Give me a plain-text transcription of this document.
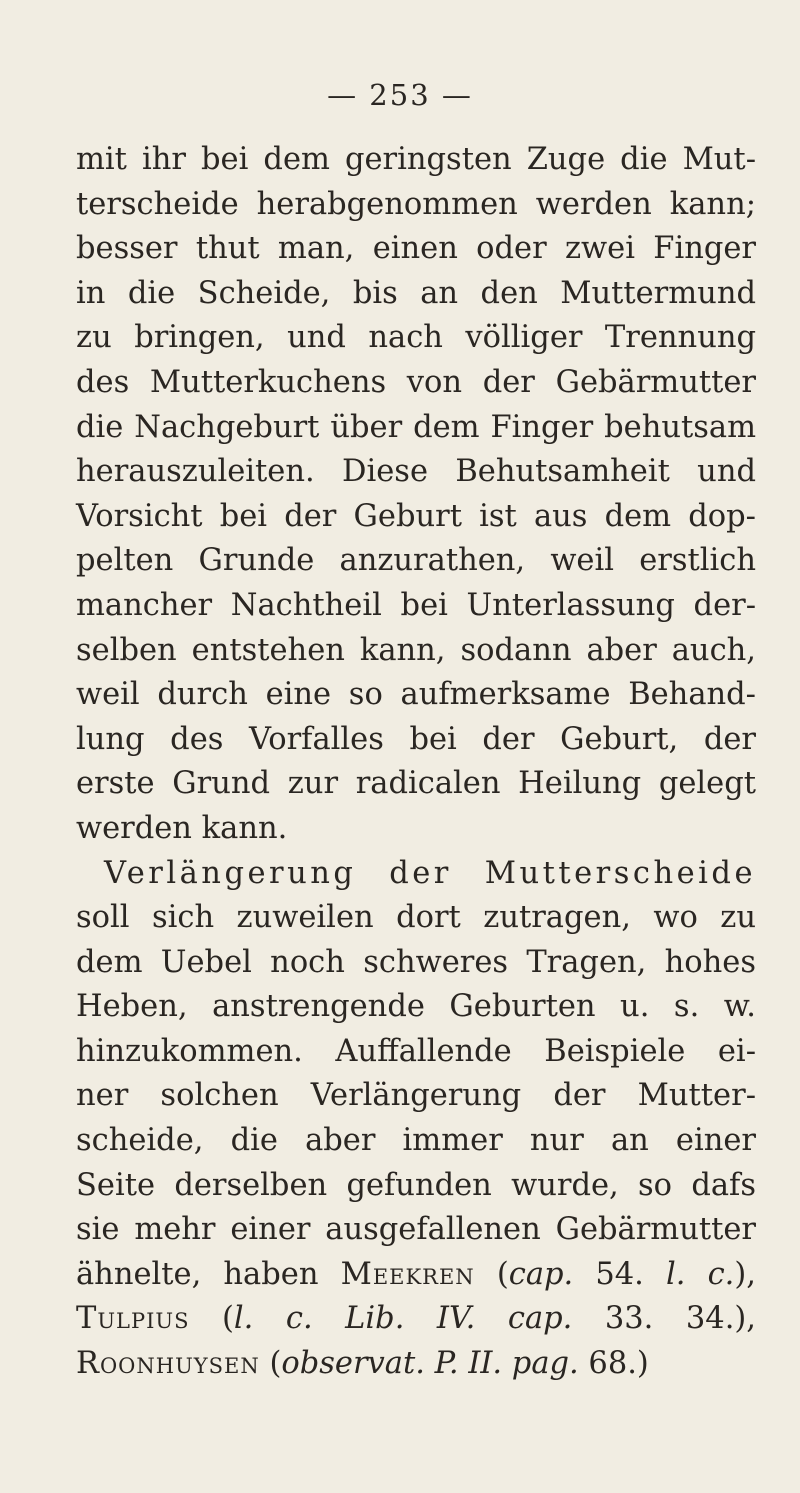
— 253 —
mit ihr bei dem geringsten Zuge die Mut-
terscheide herabgenommen werden kann;
besser thut man, einen oder zwei Finger
in die Scheide, bis an den Muttermund
zu bringen, und nach völliger Trennung
des Mutterkuchens von der Gebärmutter
die Nachgeburt über dem Finger behutsam
herauszuleiten. Diese Behutsamheit und
Vorsicht bei der Geburt ist aus dem dop-
pelten Grunde anzurathen, weil erstlich
mancher Nachtheil bei Unterlassung der-
selben entstehen kann, sodann aber auch,
weil durch eine so aufmerksame Behand-
lung des Vorfalles bei der Geburt, der
erste Grund zur radicalen Heilung gelegt
werden kann.
Verlängerung der Mutterscheide
soll sich zuweilen dort zutragen, wo zu
dem Uebel noch schweres Tragen, hohes
Heben, anstrengende Geburten u. s. w.
hinzukommen. Auffallende Beispiele ei-
ner solchen Verlängerung der Mutter-
scheide, die aber immer nur an einer
Seite derselben gefunden wurde, so dafs
sie mehr einer ausgefallenen Gebärmutter
ähnelte, haben Meekren (cap. 54. l. c.),
Tulpius (l. c. Lib. IV. cap. 33. 34.),
Roonhuysen (observat. P. II. pag. 68.)
